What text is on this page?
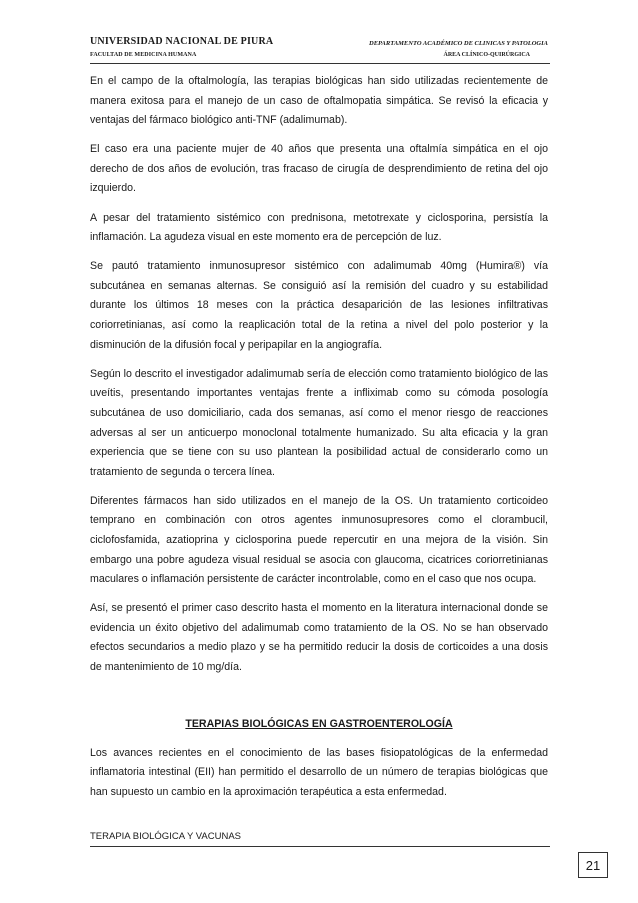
UNIVERSIDAD NACIONAL DE PIURA
FACULTAD DE MEDICINA HUMANA
DEPARTAMENTO ACADÉMICO DE CLINICAS Y PATOLOGIA
ÁREA CLÍNICO-QUIRÚRGICA

En el campo de la oftalmología, las terapias biológicas han sido utilizadas recientemente de manera exitosa para el manejo de un caso de oftalmopatia simpática. Se revisó la eficacia y ventajas del fármaco biológico anti-TNF (adalimumab).

El caso era una paciente mujer de 40 años que presenta una oftalmía simpática en el ojo derecho de dos años de evolución, tras fracaso de cirugía de desprendimiento de retina del ojo izquierdo.

A pesar del tratamiento sistémico con prednisona, metotrexate y ciclosporina, persistía la inflamación. La agudeza visual en este momento era de percepción de luz.

Se pautó tratamiento inmunosupresor sistémico con adalimumab 40mg (Humira®) vía subcutánea en semanas alternas. Se consiguió así la remisión del cuadro y su estabilidad durante los últimos 18 meses con la práctica desaparición de las lesiones infiltrativas coriorretinianas, así como la reaplicación total de la retina a nivel del polo posterior y la disminución de la difusión focal y peripapilar en la angiografía.

Según lo descrito el investigador adalimumab sería de elección como tratamiento biológico de las uveítis, presentando importantes ventajas frente a infliximab como su cómoda posología subcutánea de uso domiciliario, cada dos semanas, así como el menor riesgo de reacciones adversas al ser un anticuerpo monoclonal totalmente humanizado. Su alta eficacia y la gran experiencia que se tiene con su uso plantean la posibilidad actual de considerarlo como un tratamiento de segunda o tercera línea.

Diferentes fármacos han sido utilizados en el manejo de la OS. Un tratamiento corticoideo temprano en combinación con otros agentes inmunosupresores como el clorambucil, ciclofosfamida, azatioprina y ciclosporina puede repercutir en una mejora de la visión. Sin embargo una pobre agudeza visual residual se asocia con glaucoma, cicatrices coriorretinianas maculares o inflamación persistente de carácter incontrolable, como en el caso que nos ocupa.

Así, se presentó el primer caso descrito hasta el momento en la literatura internacional donde se evidencia un éxito objetivo del adalimumab como tratamiento de la OS. No se han observado efectos secundarios a medio plazo y se ha permitido reducir la dosis de corticoides a una dosis de mantenimiento de 10 mg/día.

TERAPIAS BIOLÓGICAS EN GASTROENTEROLOGÍA

Los avances recientes en el conocimiento de las bases fisiopatológicas de la enfermedad inflamatoria intestinal (EII) han permitido el desarrollo de un número de terapias biológicas que han supuesto un cambio en la aproximación terapéutica a esta enfermedad.

TERAPIA BIOLÓGICA Y VACUNAS
21
